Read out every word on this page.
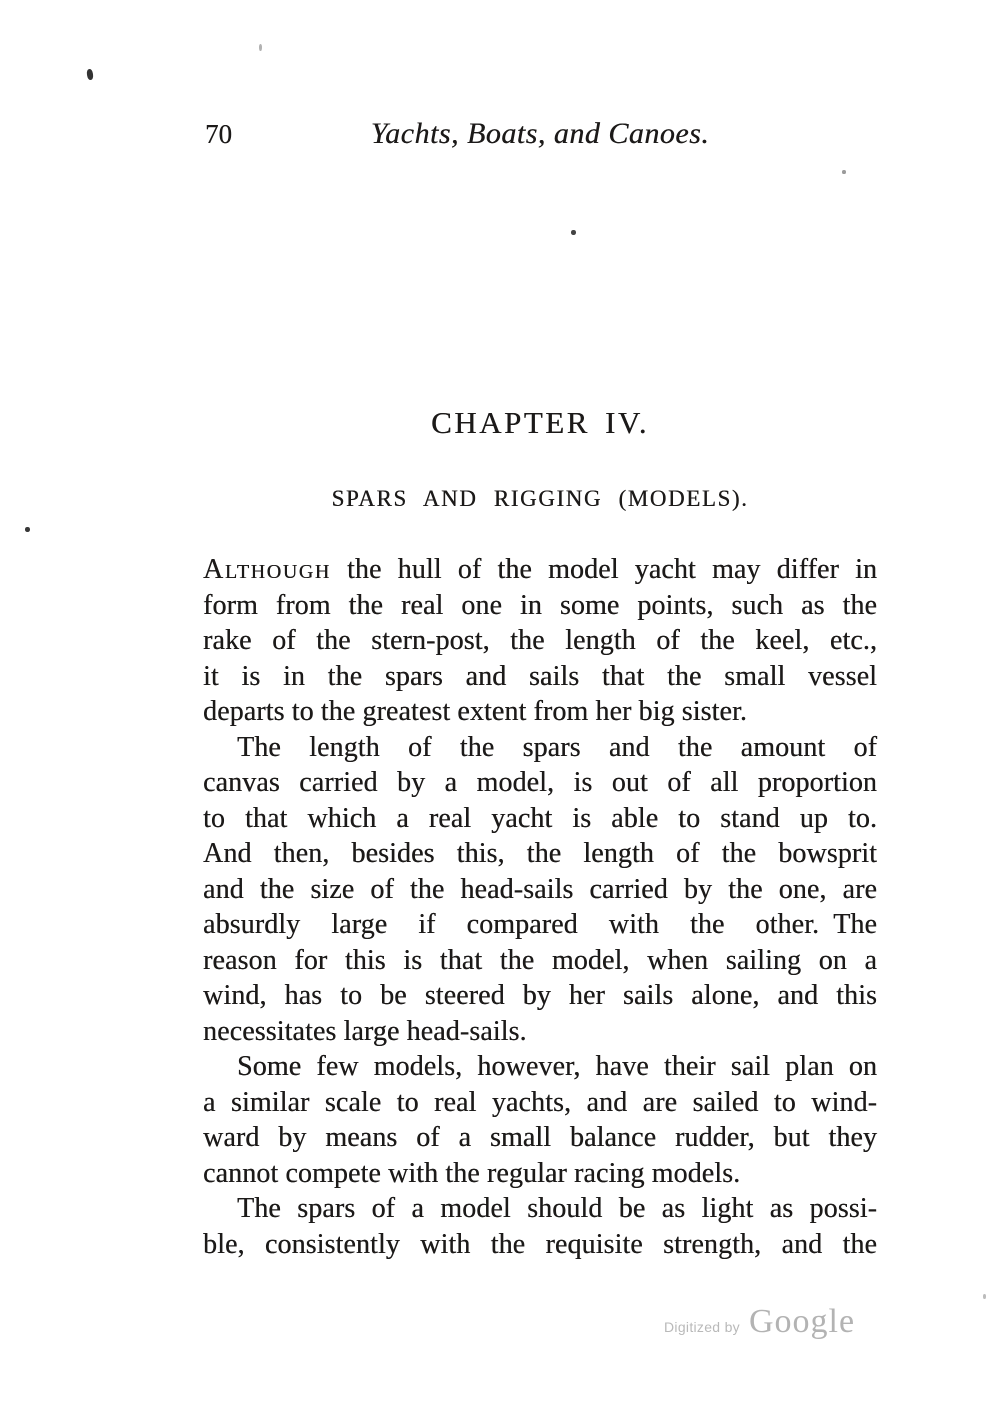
70	Yachts, Boats, and Canoes.
CHAPTER IV.
SPARS AND RIGGING (MODELS).
Although the hull of the model yacht may differ in
form from the real one in some points, such as the
rake of the stern-post, the length of the keel, etc.,
it is in the spars and sails that the small vessel
departs to the greatest extent from her big sister.
The length of the spars and the amount of
canvas carried by a model, is out of all proportion
to that which a real yacht is able to stand up to.
And then, besides this, the length of the bowsprit
and the size of the head-sails carried by the one, are
absurdly large if compared with the other. The
reason for this is that the model, when sailing on a
wind, has to be steered by her sails alone, and this
necessitates large head-sails.
Some few models, however, have their sail plan on
a similar scale to real yachts, and are sailed to wind-
ward by means of a small balance rudder, but they
cannot compete with the regular racing models.
The spars of a model should be as light as possi-
ble, consistently with the requisite strength, and the
Digitized by Google
